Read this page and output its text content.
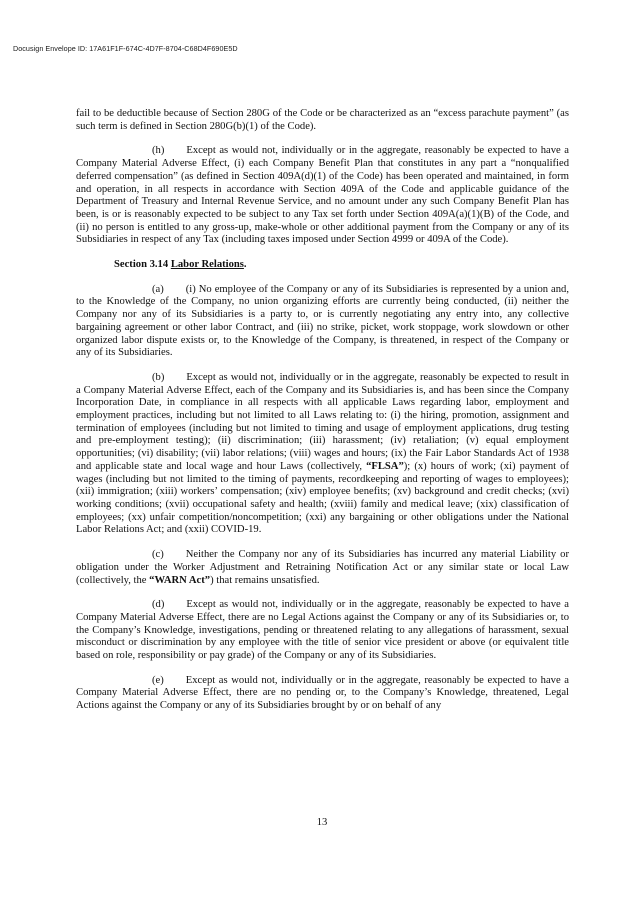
Docusign Envelope ID: 17A61F1F-674C-4D7F-8704-C68D4F690E5D

fail to be deductible because of Section 280G of the Code or be characterized as an “excess parachute payment” (as such term is defined in Section 280G(b)(1) of the Code).

(h) Except as would not, individually or in the aggregate, reasonably be expected to have a Company Material Adverse Effect, (i) each Company Benefit Plan that constitutes in any part a “nonqualified deferred compensation” (as defined in Section 409A(d)(1) of the Code) has been operated and maintained, in form and operation, in all respects in accordance with Section 409A of the Code and applicable guidance of the Department of Treasury and Internal Revenue Service, and no amount under any such Company Benefit Plan has been, is or is reasonably expected to be subject to any Tax set forth under Section 409A(a)(1)(B) of the Code, and (ii) no person is entitled to any gross-up, make-whole or other additional payment from the Company or any of its Subsidiaries in respect of any Tax (including taxes imposed under Section 4999 or 409A of the Code).

Section 3.14 Labor Relations.

(a) (i) No employee of the Company or any of its Subsidiaries is represented by a union and, to the Knowledge of the Company, no union organizing efforts are currently being conducted, (ii) neither the Company nor any of its Subsidiaries is a party to, or is currently negotiating any entry into, any collective bargaining agreement or other labor Contract, and (iii) no strike, picket, work stoppage, work slowdown or other organized labor dispute exists or, to the Knowledge of the Company, is threatened, in respect of the Company or any of its Subsidiaries.

(b) Except as would not, individually or in the aggregate, reasonably be expected to result in a Company Material Adverse Effect, each of the Company and its Subsidiaries is, and has been since the Company Incorporation Date, in compliance in all respects with all applicable Laws regarding labor, employment and employment practices, including but not limited to all Laws relating to: (i) the hiring, promotion, assignment and termination of employees (including but not limited to timing and usage of employment applications, drug testing and pre-employment testing); (ii) discrimination; (iii) harassment; (iv) retaliation; (v) equal employment opportunities; (vi) disability; (vii) labor relations; (viii) wages and hours; (ix) the Fair Labor Standards Act of 1938 and applicable state and local wage and hour Laws (collectively, “FLSA”); (x) hours of work; (xi) payment of wages (including but not limited to the timing of payments, recordkeeping and reporting of wages to employees); (xii) immigration; (xiii) workers’ compensation; (xiv) employee benefits; (xv) background and credit checks; (xvi) working conditions; (xvii) occupational safety and health; (xviii) family and medical leave; (xix) classification of employees; (xx) unfair competition/noncompetition; (xxi) any bargaining or other obligations under the National Labor Relations Act; and (xxii) COVID-19.

(c) Neither the Company nor any of its Subsidiaries has incurred any material Liability or obligation under the Worker Adjustment and Retraining Notification Act or any similar state or local Law (collectively, the “WARN Act”) that remains unsatisfied.

(d) Except as would not, individually or in the aggregate, reasonably be expected to have a Company Material Adverse Effect, there are no Legal Actions against the Company or any of its Subsidiaries or, to the Company’s Knowledge, investigations, pending or threatened relating to any allegations of harassment, sexual misconduct or discrimination by any employee with the title of senior vice president or above (or equivalent title based on role, responsibility or pay grade) of the Company or any of its Subsidiaries.

(e) Except as would not, individually or in the aggregate, reasonably be expected to have a Company Material Adverse Effect, there are no pending or, to the Company’s Knowledge, threatened, Legal Actions against the Company or any of its Subsidiaries brought by or on behalf of any

13
